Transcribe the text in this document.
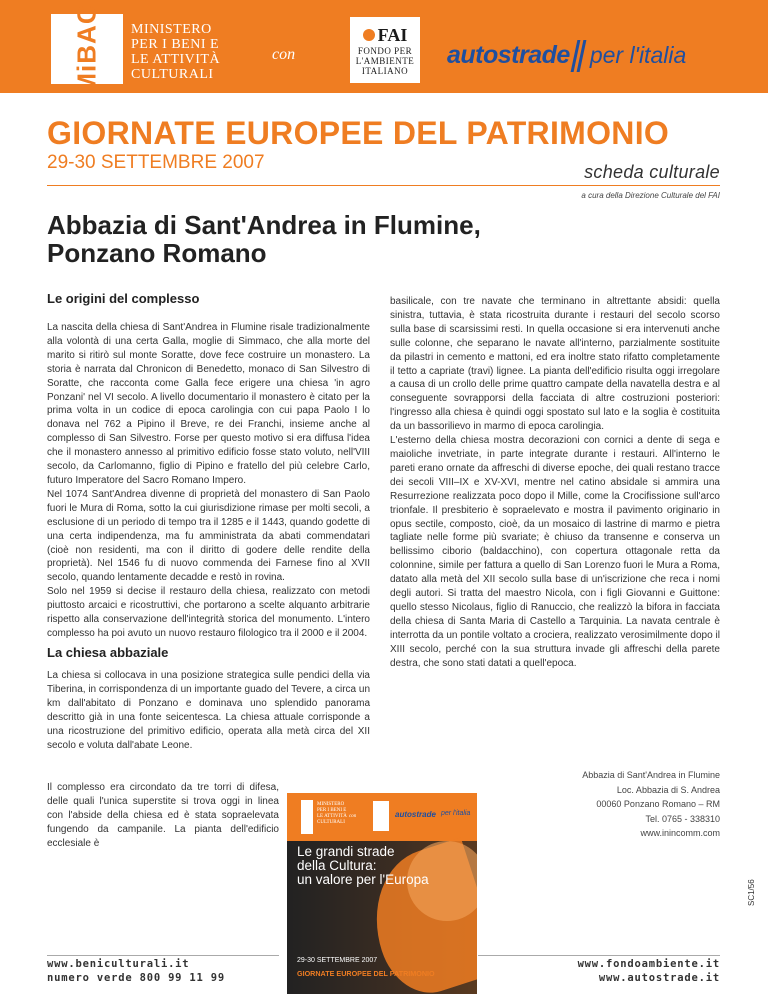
MiBAC MINISTERO
PER I BENI E
LE ATTIVITÀ
CULTURALI
con
FAI
FONDO PER
L'AMBIENTE
ITALIANO
autostrade per l'italia
GIORNATE EUROPEE DEL PATRIMONIO
29-30 SETTEMBRE 2007	scheda culturale
a cura della Direzione Culturale del FAI
Abbazia di Sant'Andrea in Flumine,
Ponzano Romano
Le origini del complesso

La nascita della chiesa di Sant'Andrea in Flumine risale tradizionalmente alla volontà di una certa Galla, moglie di Simmaco, che alla morte del marito si ritirò sul monte Soratte, dove fece costruire un monastero. La storia è narrata dal Chronicon di Benedetto, monaco di San Silvestro di Soratte, che racconta come Galla fece erigere una chiesa 'in agro Ponzani' nel VI secolo. A livello documentario il monastero è citato per la prima volta in un codice di epoca carolingia con cui papa Paolo I lo donava nel 762 a Pipino il Breve, re dei Franchi, insieme anche al complesso di San Silvestro. Forse per questo motivo si era diffusa l'idea che il monastero annesso al primitivo edificio fosse stato voluto, nell'VIII secolo, da Carlomanno, figlio di Pipino e fratello del più celebre Carlo, futuro Imperatore del Sacro Romano Impero.

Nel 1074 Sant'Andrea divenne di proprietà del monastero di San Paolo fuori le Mura di Roma, sotto la cui giurisdizione rimase per molti secoli, a esclusione di un periodo di tempo tra il 1285 e il 1443, quando godette di una certa indipendenza, ma fu amministrata da abati commendatari (cioè non residenti, ma con il diritto di godere delle rendite della proprietà). Nel 1546 fu di nuovo commenda dei Farnese fino al XVII secolo, quando lentamente decadde e restò in rovina.

Solo nel 1959 si decise il restauro della chiesa, realizzato con metodi piuttosto arcaici e ricostruttivi, che portarono a scelte alquanto arbitrarie rispetto alla conservazione dell'integrità storica del monumento. L'intero complesso ha poi avuto un nuovo restauro filologico tra il 2000 e il 2004.

La chiesa abbaziale

La chiesa si collocava in una posizione strategica sulle pendici della via Tiberina, in corrispondenza di un importante guado del Tevere, a circa un km dall'abitato di Ponzano e dominava uno splendido panorama descritto già in una fonte seicentesca. La chiesa attuale corrisponde a una ricostruzione del primitivo edificio, operata alla metà circa del XII secolo e voluta dall'abate Leone.

Il complesso era circondato da tre torri di difesa, delle quali l'unica superstite si trova oggi in linea con l'abside della chiesa ed è stata sopraelevata fungendo da campanile. La pianta dell'edificio ecclesiale è

basilicale, con tre navate che terminano in altrettante absidi: quella sinistra, tuttavia, è stata ricostruita durante i restauri del secolo scorso sulla base di scarsissimi resti. In quella occasione si era intervenuti anche sulle colonne, che separano le navate all'interno, parzialmente sostituite da pilastri in cemento e mattoni, ed era inoltre stato rifatto completamente il tetto a capriate (travi) lignee. La pianta dell'edificio risulta oggi irregolare a causa di un crollo delle prime quattro campate della navatella destra e al conseguente sovrapporsi della facciata di altre costruzioni posteriori: l'ingresso alla chiesa è quindi oggi spostato sul lato e la soglia è costituita da un bassorilievo in marmo di epoca carolingia.

L'esterno della chiesa mostra decorazioni con cornici a dente di sega e maioliche invetriate, in parte integrate durante i restauri. All'interno le pareti erano ornate da affreschi di diverse epoche, dei quali restano tracce dei secoli VIII–IX e XV-XVI, mentre nel catino absidale si ammira una Resurrezione realizzata poco dopo il Mille, come la Crocifissione sull'arco trionfale. Il presbiterio è sopraelevato e mostra il pavimento originario in opus sectile, composto, cioè, da un mosaico di lastrine di marmo e pietra tagliate nelle forme più svariate; è chiuso da transenne e conserva un bellissimo ciborio (baldacchino), con copertura ottagonale retta da colonnine, simile per fattura a quello di San Lorenzo fuori le Mura a Roma, datato alla metà del XII secolo sulla base di un'iscrizione che reca i nomi degli autori. Si tratta del maestro Nicola, con i figli Giovanni e Guittone: quello stesso Nicolaus, figlio di Ranuccio, che realizzò la bifora in facciata della chiesa di Santa Maria di Castello a Tarquinia. La navata centrale è interrotta da un pontile voltato a crociera, realizzato verosimilmente dopo il XIII secolo, perché con la sua struttura invade gli affreschi della parete destra, che sono stati datati a quell'epoca.

Abbazia di Sant'Andrea in Flumine
Loc. Abbazia di S. Andrea
00060 Ponzano Romano – RM
Tel. 0765 - 338310
www.inincomm.com
MINISTERO
PER I BENI E
LE ATTIVITÀ
CULTURALI
con	autostrade per l'italia
Le grandi strade
della Cultura:
un valore per l'Europa
29-30 SETTEMBRE 2007
GIORNATE EUROPEE DEL PATRIMONIO
SC1/56
www.beniculturali.it
numero verde 800 99 11 99
www.fondoambiente.it
www.autostrade.it
